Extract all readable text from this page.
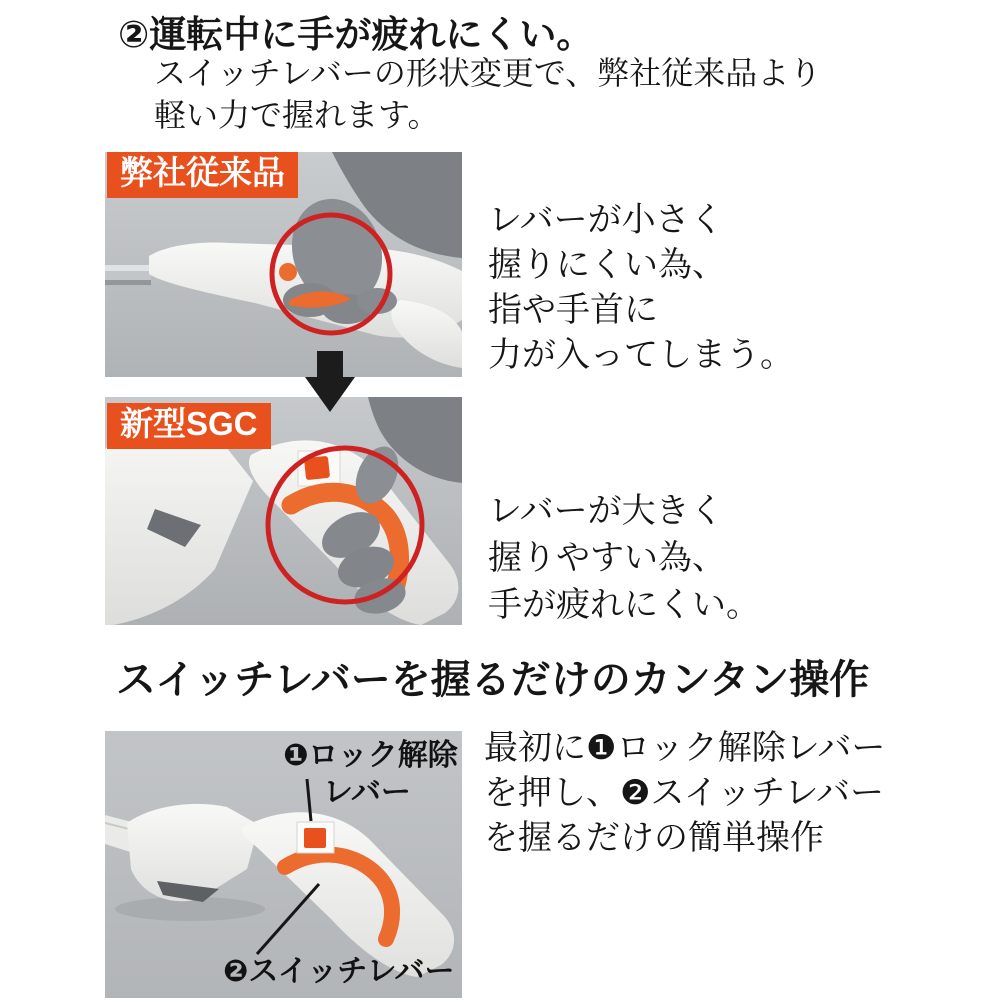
②運転中に手が疲れにくい。
スイッチレバーの形状変更で、弊社従来品より
軽い力で握れます。
弊社従来品
レバーが小さく
握りにくい為、
指や手首に
力が入ってしまう。
新型SGC
レバーが大きく
握りやすい為、
手が疲れにくい。
スイッチレバーを握るだけのカンタン操作
❶ロック解除
レバー
❷スイッチレバー
最初に❶ロック解除レバー
を押し、❷スイッチレバー
を握るだけの簡単操作
